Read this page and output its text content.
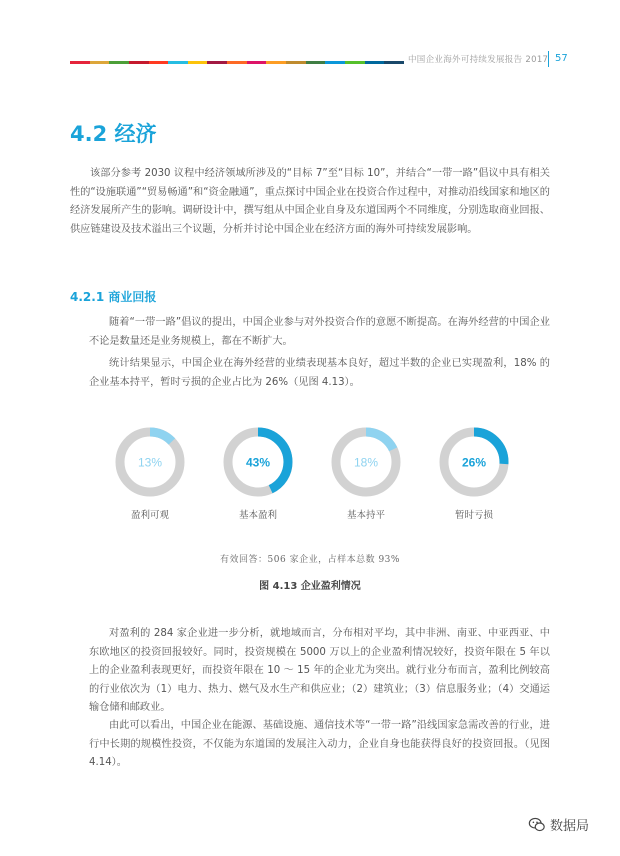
中国企业海外可持续发展报告 2017 57
4.2 经济
该部分参考 2030 议程中经济领域所涉及的“目标 7”至“目标 10”，并结合“一带一路”倡议中具有相关性的“设施联通”“贸易畅通”和“资金融通”，重点探讨中国企业在投资合作过程中，对推动沿线国家和地区的经济发展所产生的影响。调研设计中，撰写组从中国企业自身及东道国两个不同维度，分别选取商业回报、供应链建设及技术溢出三个议题，分析并讨论中国企业在经济方面的海外可持续发展影响。
4.2.1 商业回报
随着“一带一路”倡议的提出，中国企业参与对外投资合作的意愿不断提高。在海外经营的中国企业不论是数量还是业务规模上，都在不断扩大。
统计结果显示，中国企业在海外经营的业绩表现基本良好，超过半数的企业已实现盈利，18% 的企业基本持平，暂时亏损的企业占比为 26%（见图 4.13）。
13%
盈利可观
43%
基本盈利
18%
基本持平
26%
暂时亏损
有效回答：506 家企业，占样本总数 93%
图 4.13 企业盈利情况
对盈利的 284 家企业进一步分析，就地域而言，分布相对平均，其中非洲、南亚、中亚西亚、中东欧地区的投资回报较好。同时，投资规模在 5000 万以上的企业盈利情况较好，投资年限在 5 年以上的企业盈利表现更好，而投资年限在 10 ～ 15 年的企业尤为突出。就行业分布而言，盈利比例较高的行业依次为（1）电力、热力、燃气及水生产和供应业；（2）建筑业；（3）信息服务业；（4）交通运输仓储和邮政业。
由此可以看出，中国企业在能源、基础设施、通信技术等“一带一路”沿线国家急需改善的行业，进行中长期的规模性投资，不仅能为东道国的发展注入动力，企业自身也能获得良好的投资回报。（见图 4.14）。
数据局
